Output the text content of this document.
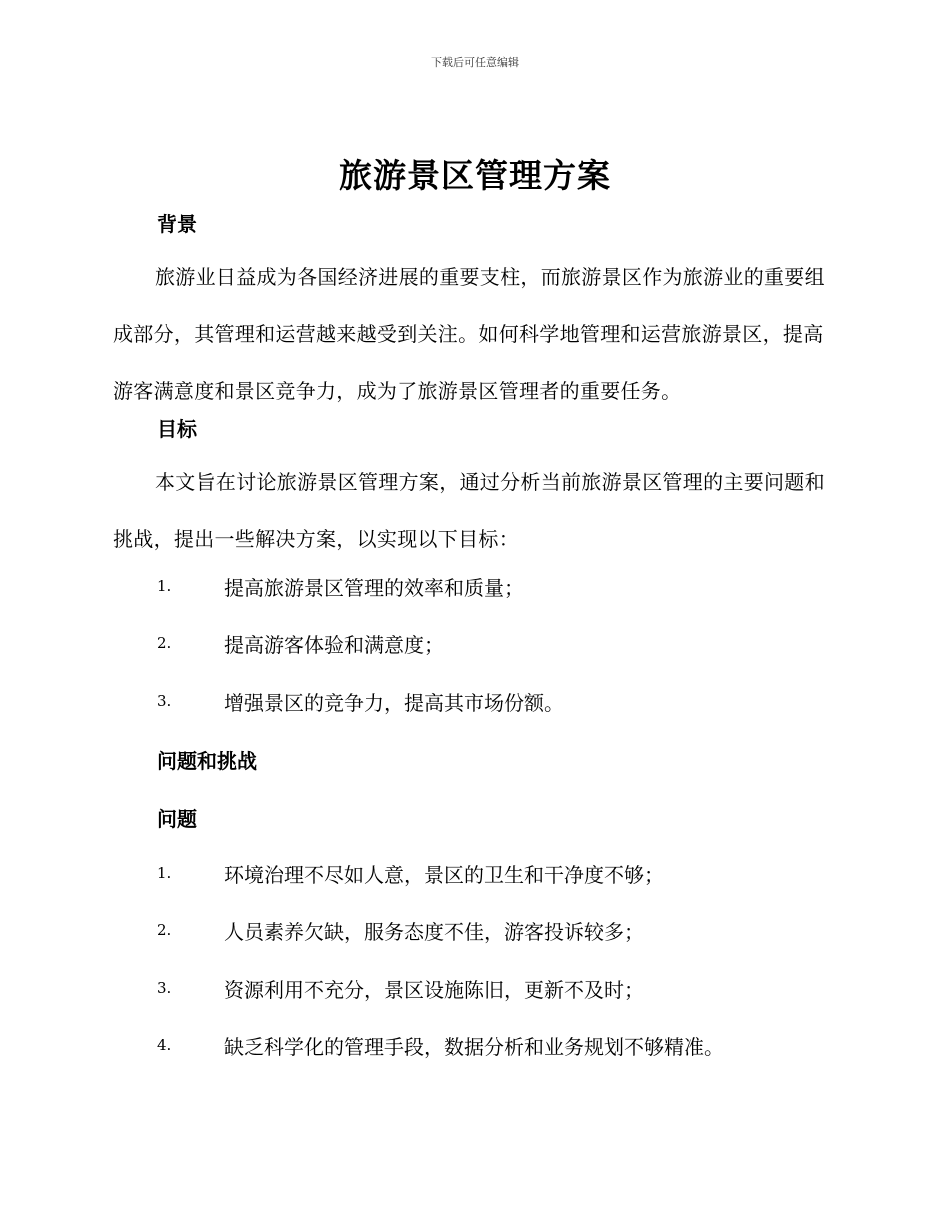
下载后可任意编辑
旅游景区管理方案
背景
旅游业日益成为各国经济进展的重要支柱，而旅游景区作为旅游业的重要组成部分，其管理和运营越来越受到关注。如何科学地管理和运营旅游景区，提高游客满意度和景区竞争力，成为了旅游景区管理者的重要任务。
目标
本文旨在讨论旅游景区管理方案，通过分析当前旅游景区管理的主要问题和挑战，提出一些解决方案，以实现以下目标：
1.	提高旅游景区管理的效率和质量；
2.	提高游客体验和满意度；
3.	增强景区的竞争力，提高其市场份额。
问题和挑战
问题
1.	环境治理不尽如人意，景区的卫生和干净度不够；
2.	人员素养欠缺，服务态度不佳，游客投诉较多；
3.	资源利用不充分，景区设施陈旧，更新不及时；
4.	缺乏科学化的管理手段，数据分析和业务规划不够精准。
